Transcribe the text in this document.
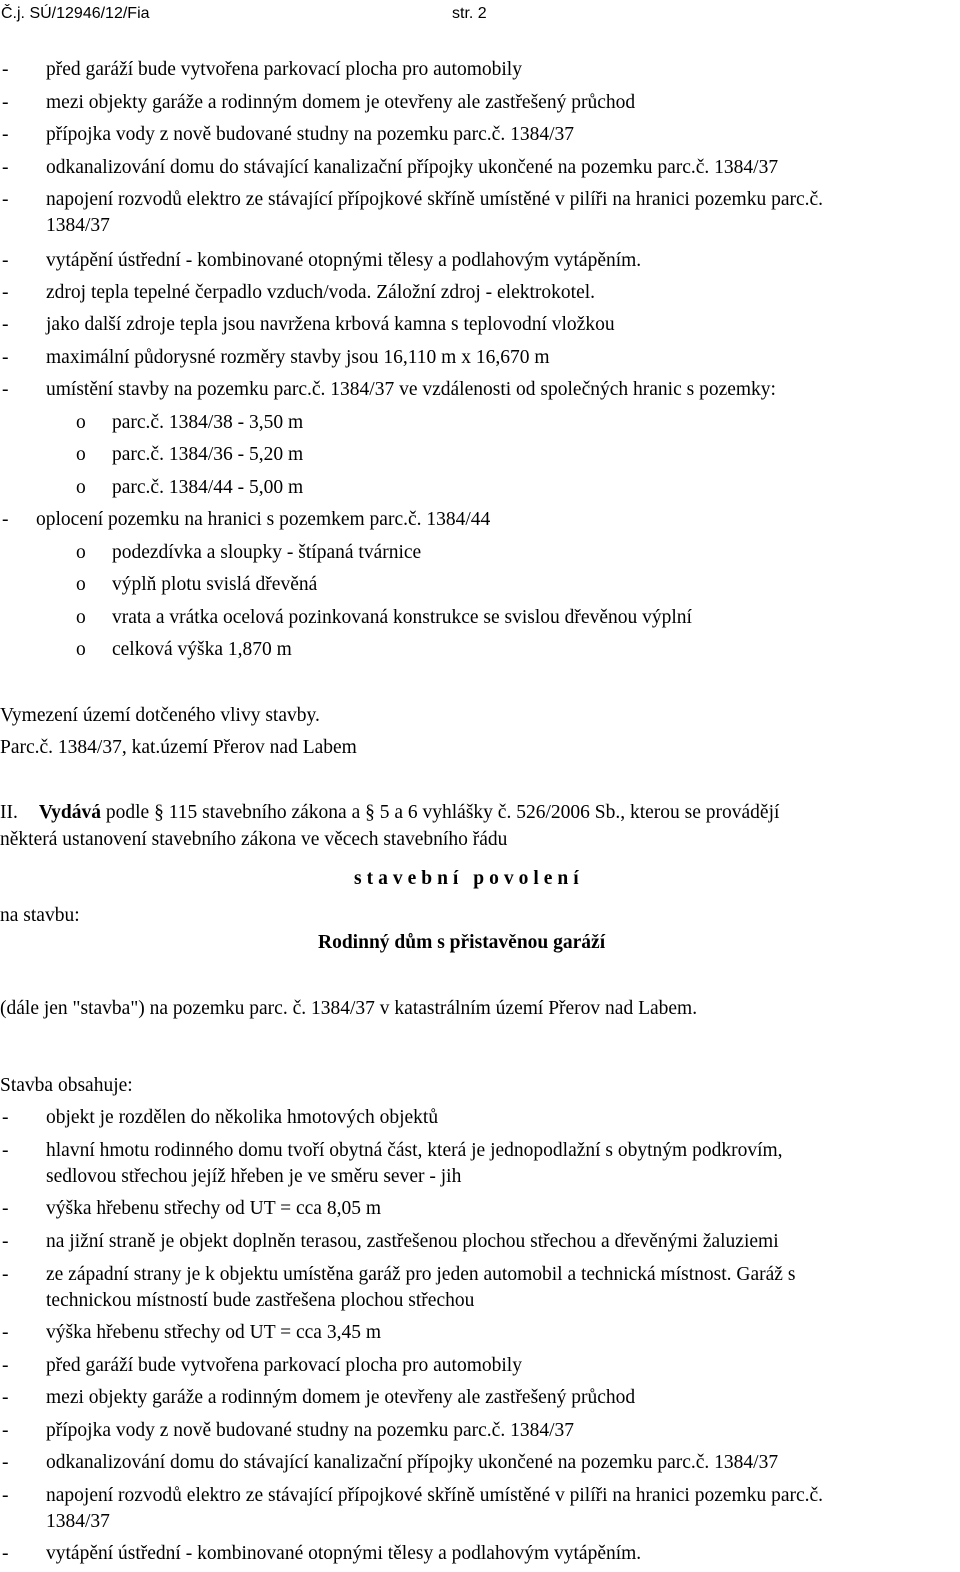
Č.j. SÚ/12946/12/Fia	str. 2
- před garáží bude vytvořena parkovací plocha pro automobily
- mezi objekty garáže a rodinným domem je otevřeny ale zastřešený průchod
- přípojka vody z nově budované studny na pozemku parc.č. 1384/37
- odkanalizování domu do stávající kanalizační přípojky ukončené na pozemku parc.č. 1384/37
- napojení rozvodů elektro ze stávající přípojkové skříně umístěné v pilíři na hranici pozemku parc.č.
1384/37
- vytápění ústřední - kombinované otopnými tělesy a podlahovým vytápěním.
- zdroj tepla tepelné čerpadlo vzduch/voda. Záložní zdroj - elektrokotel.
- jako další zdroje tepla jsou navržena krbová kamna s teplovodní vložkou
- maximální půdorysné rozměry stavby jsou 16,110 m x 16,670 m
- umístění stavby na pozemku parc.č. 1384/37 ve vzdálenosti od společných hranic s pozemky:
o parc.č. 1384/38 - 3,50 m
o parc.č. 1384/36 - 5,20 m
o parc.č. 1384/44 - 5,00 m
- oplocení pozemku na hranici s pozemkem parc.č. 1384/44
o podezdívka a sloupky - štípaná tvárnice
o výplň plotu svislá dřevěná
o vrata a vrátka ocelová pozinkovaná konstrukce se svislou dřevěnou výplní
o celková výška 1,870 m
Vymezení území dotčeného vlivy stavby.
Parc.č. 1384/37, kat.území Přerov nad Labem
II. Vydává podle § 115 stavebního zákona a § 5 a 6 vyhlášky č. 526/2006 Sb., kterou se provádějí
některá ustanovení stavebního zákona ve věcech stavebního řádu
stavební povolení
na stavbu:
Rodinný dům s přistavěnou garáží
(dále jen "stavba") na pozemku parc. č. 1384/37 v katastrálním území Přerov nad Labem.
Stavba obsahuje:
- objekt je rozdělen do několika hmotových objektů
- hlavní hmotu rodinného domu tvoří obytná část, která je jednopodlažní s obytným podkrovím,
sedlovou střechou jejíž hřeben je ve směru sever - jih
- výška hřebenu střechy od UT = cca 8,05 m
- na jižní straně je objekt doplněn terasou, zastřešenou plochou střechou a dřevěnými žaluziemi
- ze západní strany je k objektu umístěna garáž pro jeden automobil a technická místnost. Garáž s
technickou místností bude zastřešena plochou střechou
- výška hřebenu střechy od UT = cca 3,45 m
- před garáží bude vytvořena parkovací plocha pro automobily
- mezi objekty garáže a rodinným domem je otevřeny ale zastřešený průchod
- přípojka vody z nově budované studny na pozemku parc.č. 1384/37
- odkanalizování domu do stávající kanalizační přípojky ukončené na pozemku parc.č. 1384/37
- napojení rozvodů elektro ze stávající přípojkové skříně umístěné v pilíři na hranici pozemku parc.č.
1384/37
- vytápění ústřední - kombinované otopnými tělesy a podlahovým vytápěním.
